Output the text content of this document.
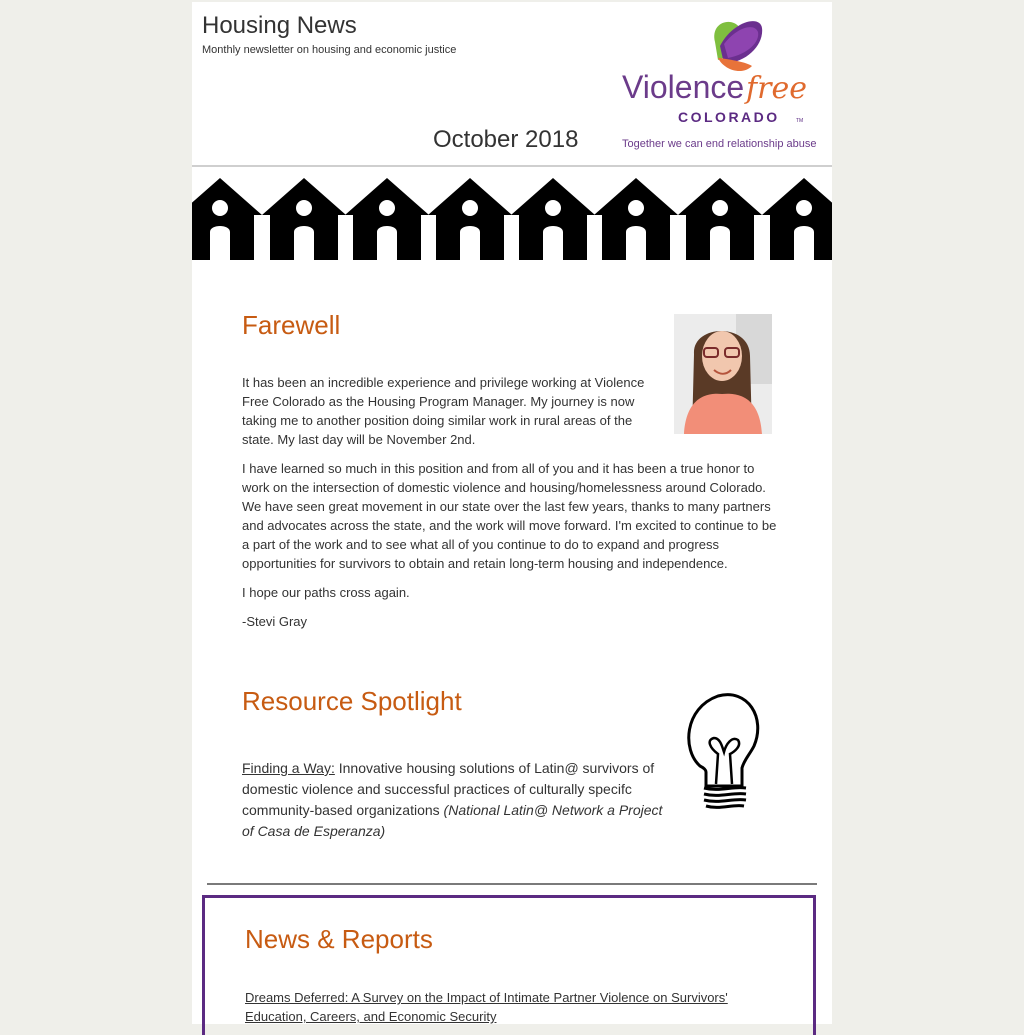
Housing News
Monthly newsletter on housing and economic justice
October 2018
Violence free
COLORADO	TM
Together we can end relationship abuse
Farewell

It has been an incredible experience and privilege working at Violence Free Colorado as the Housing Program Manager. My journey is now taking me to another position doing similar work in rural areas of the state. My last day will be November 2nd.

I have learned so much in this position and from all of you and it has been a true honor to work on the intersection of domestic violence and housing/homelessness around Colorado. We have seen great movement in our state over the last few years, thanks to many partners and advocates across the state, and the work will move forward. I'm excited to continue to be a part of the work and to see what all of you continue to do to expand and progress opportunities for survivors to obtain and retain long-term housing and independence.

I hope our paths cross again.

-Stevi Gray

Resource Spotlight
Finding a Way: Innovative housing solutions of Latin@ survivors of domestic violence and successful practices of culturally specifc community-based organizations (National Latin@ Network a Project of Casa de Esperanza)
News & Reports
Dreams Deferred: A Survey on the Impact of Intimate Partner Violence on Survivors' Education, Careers, and Economic Security
